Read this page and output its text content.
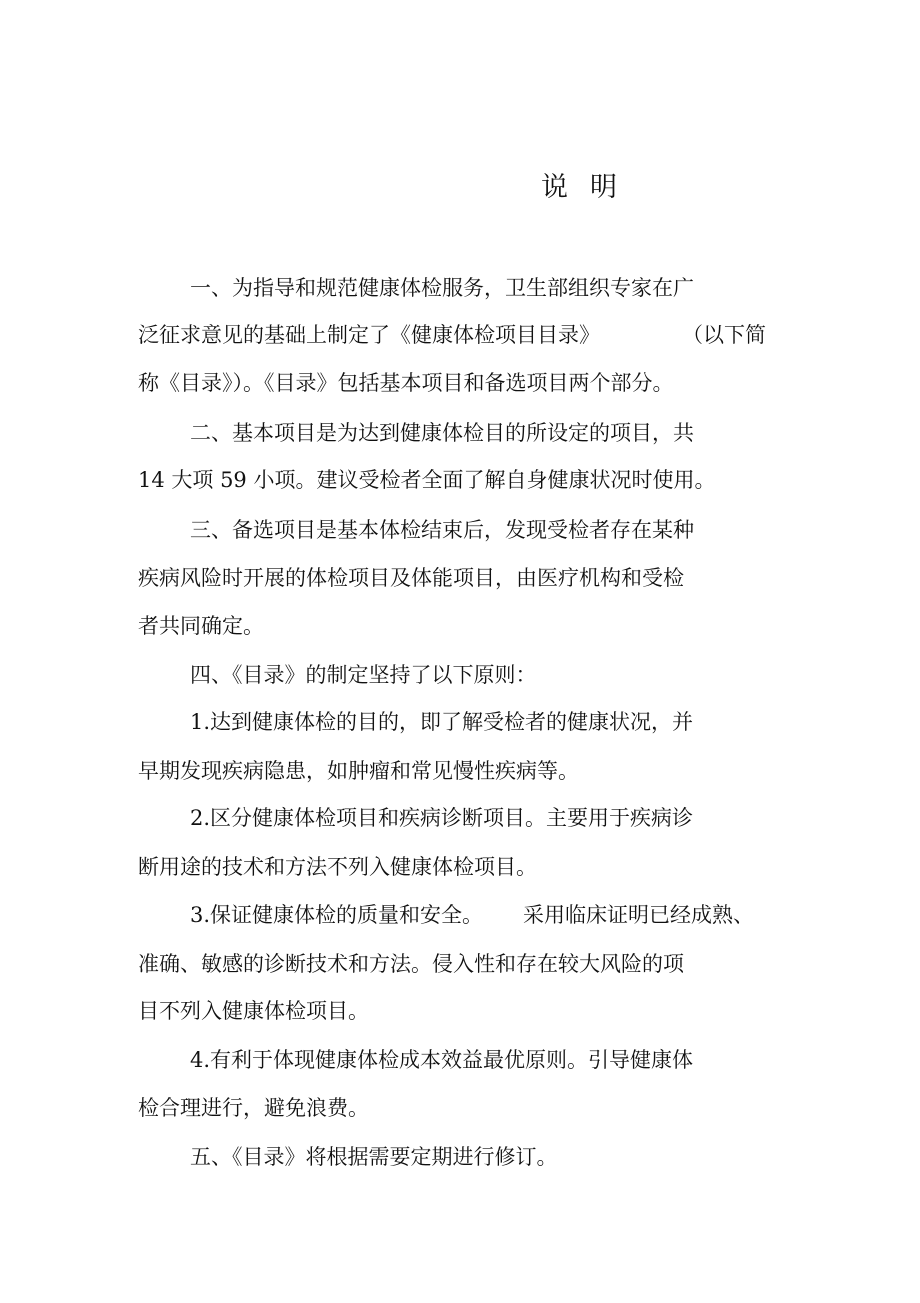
说明
一、为指导和规范健康体检服务，卫生部组织专家在广
泛征求意见的基础上制定了《健康体检项目目录》	（以下简
称《目录》）。《目录》包括基本项目和备选项目两个部分。
二、基本项目是为达到健康体检目的所设定的项目，共
14 大项 59 小项。建议受检者全面了解自身健康状况时使用。
三、备选项目是基本体检结束后，发现受检者存在某种
疾病风险时开展的体检项目及体能项目，由医疗机构和受检
者共同确定。
四、《目录》的制定坚持了以下原则：
1.达到健康体检的目的，即了解受检者的健康状况，并
早期发现疾病隐患，如肿瘤和常见慢性疾病等。
2.区分健康体检项目和疾病诊断项目。主要用于疾病诊
断用途的技术和方法不列入健康体检项目。
3.保证健康体检的质量和安全。 采用临床证明已经成熟、
准确、敏感的诊断技术和方法。侵入性和存在较大风险的项
目不列入健康体检项目。
4.有利于体现健康体检成本效益最优原则。引导健康体
检合理进行，避免浪费。
五、《目录》将根据需要定期进行修订。
